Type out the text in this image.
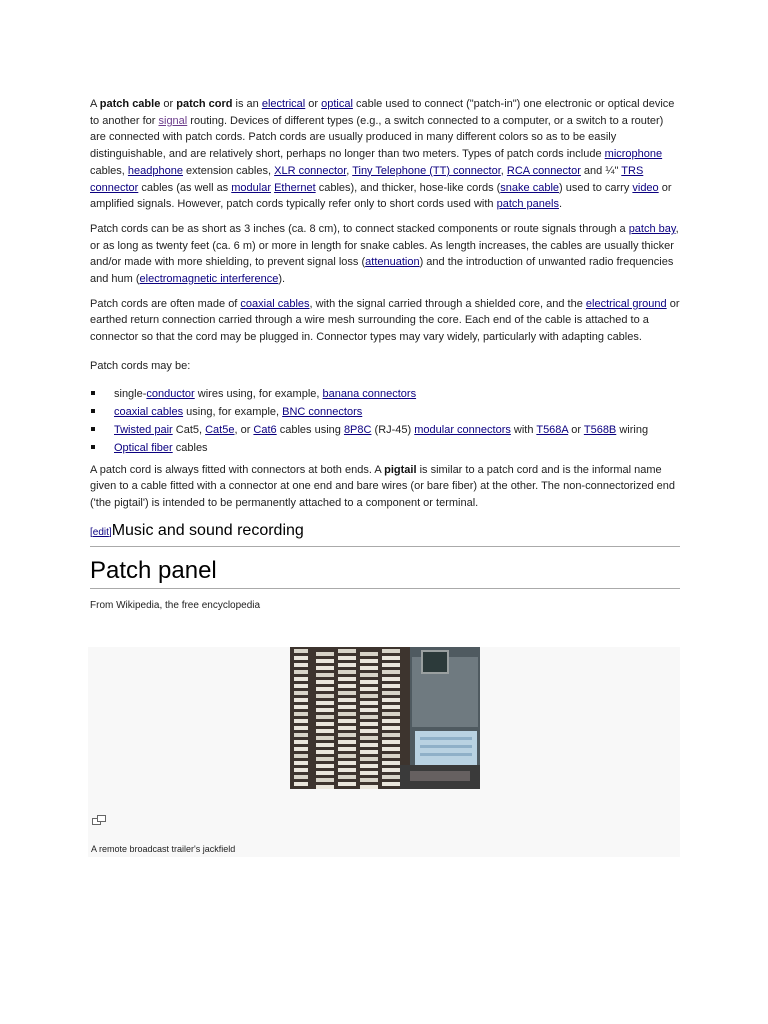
A patch cable or patch cord is an electrical or optical cable used to connect ("patch-in") one electronic or optical device to another for signal routing. Devices of different types (e.g., a switch connected to a computer, or a switch to a router) are connected with patch cords. Patch cords are usually produced in many different colors so as to be easily distinguishable, and are relatively short, perhaps no longer than two meters. Types of patch cords include microphone cables, headphone extension cables, XLR connector, Tiny Telephone (TT) connector, RCA connector and ¼" TRS connector cables (as well as modular Ethernet cables), and thicker, hose-like cords (snake cable) used to carry video or amplified signals. However, patch cords typically refer only to short cords used with patch panels.

Patch cords can be as short as 3 inches (ca. 8 cm), to connect stacked components or route signals through a patch bay, or as long as twenty feet (ca. 6 m) or more in length for snake cables. As length increases, the cables are usually thicker and/or made with more shielding, to prevent signal loss (attenuation) and the introduction of unwanted radio frequencies and hum (electromagnetic interference).

Patch cords are often made of coaxial cables, with the signal carried through a shielded core, and the electrical ground or earthed return connection carried through a wire mesh surrounding the core. Each end of the cable is attached to a connector so that the cord may be plugged in. Connector types may vary widely, particularly with adapting cables.

Patch cords may be:

single-conductor wires using, for example, banana connectors
coaxial cables using, for example, BNC connectors
Twisted pair Cat5, Cat5e, or Cat6 cables using 8P8C (RJ-45) modular connectors with T568A or T568B wiring
Optical fiber cables

A patch cord is always fitted with connectors at both ends. A pigtail is similar to a patch cord and is the informal name given to a cable fitted with a connector at one end and bare wires (or bare fiber) at the other. The non-connectorized end ('the pigtail') is intended to be permanently attached to a component or terminal.

[edit]Music and sound recording
Patch panel
From Wikipedia, the free encyclopedia
A remote broadcast trailer's jackfield
